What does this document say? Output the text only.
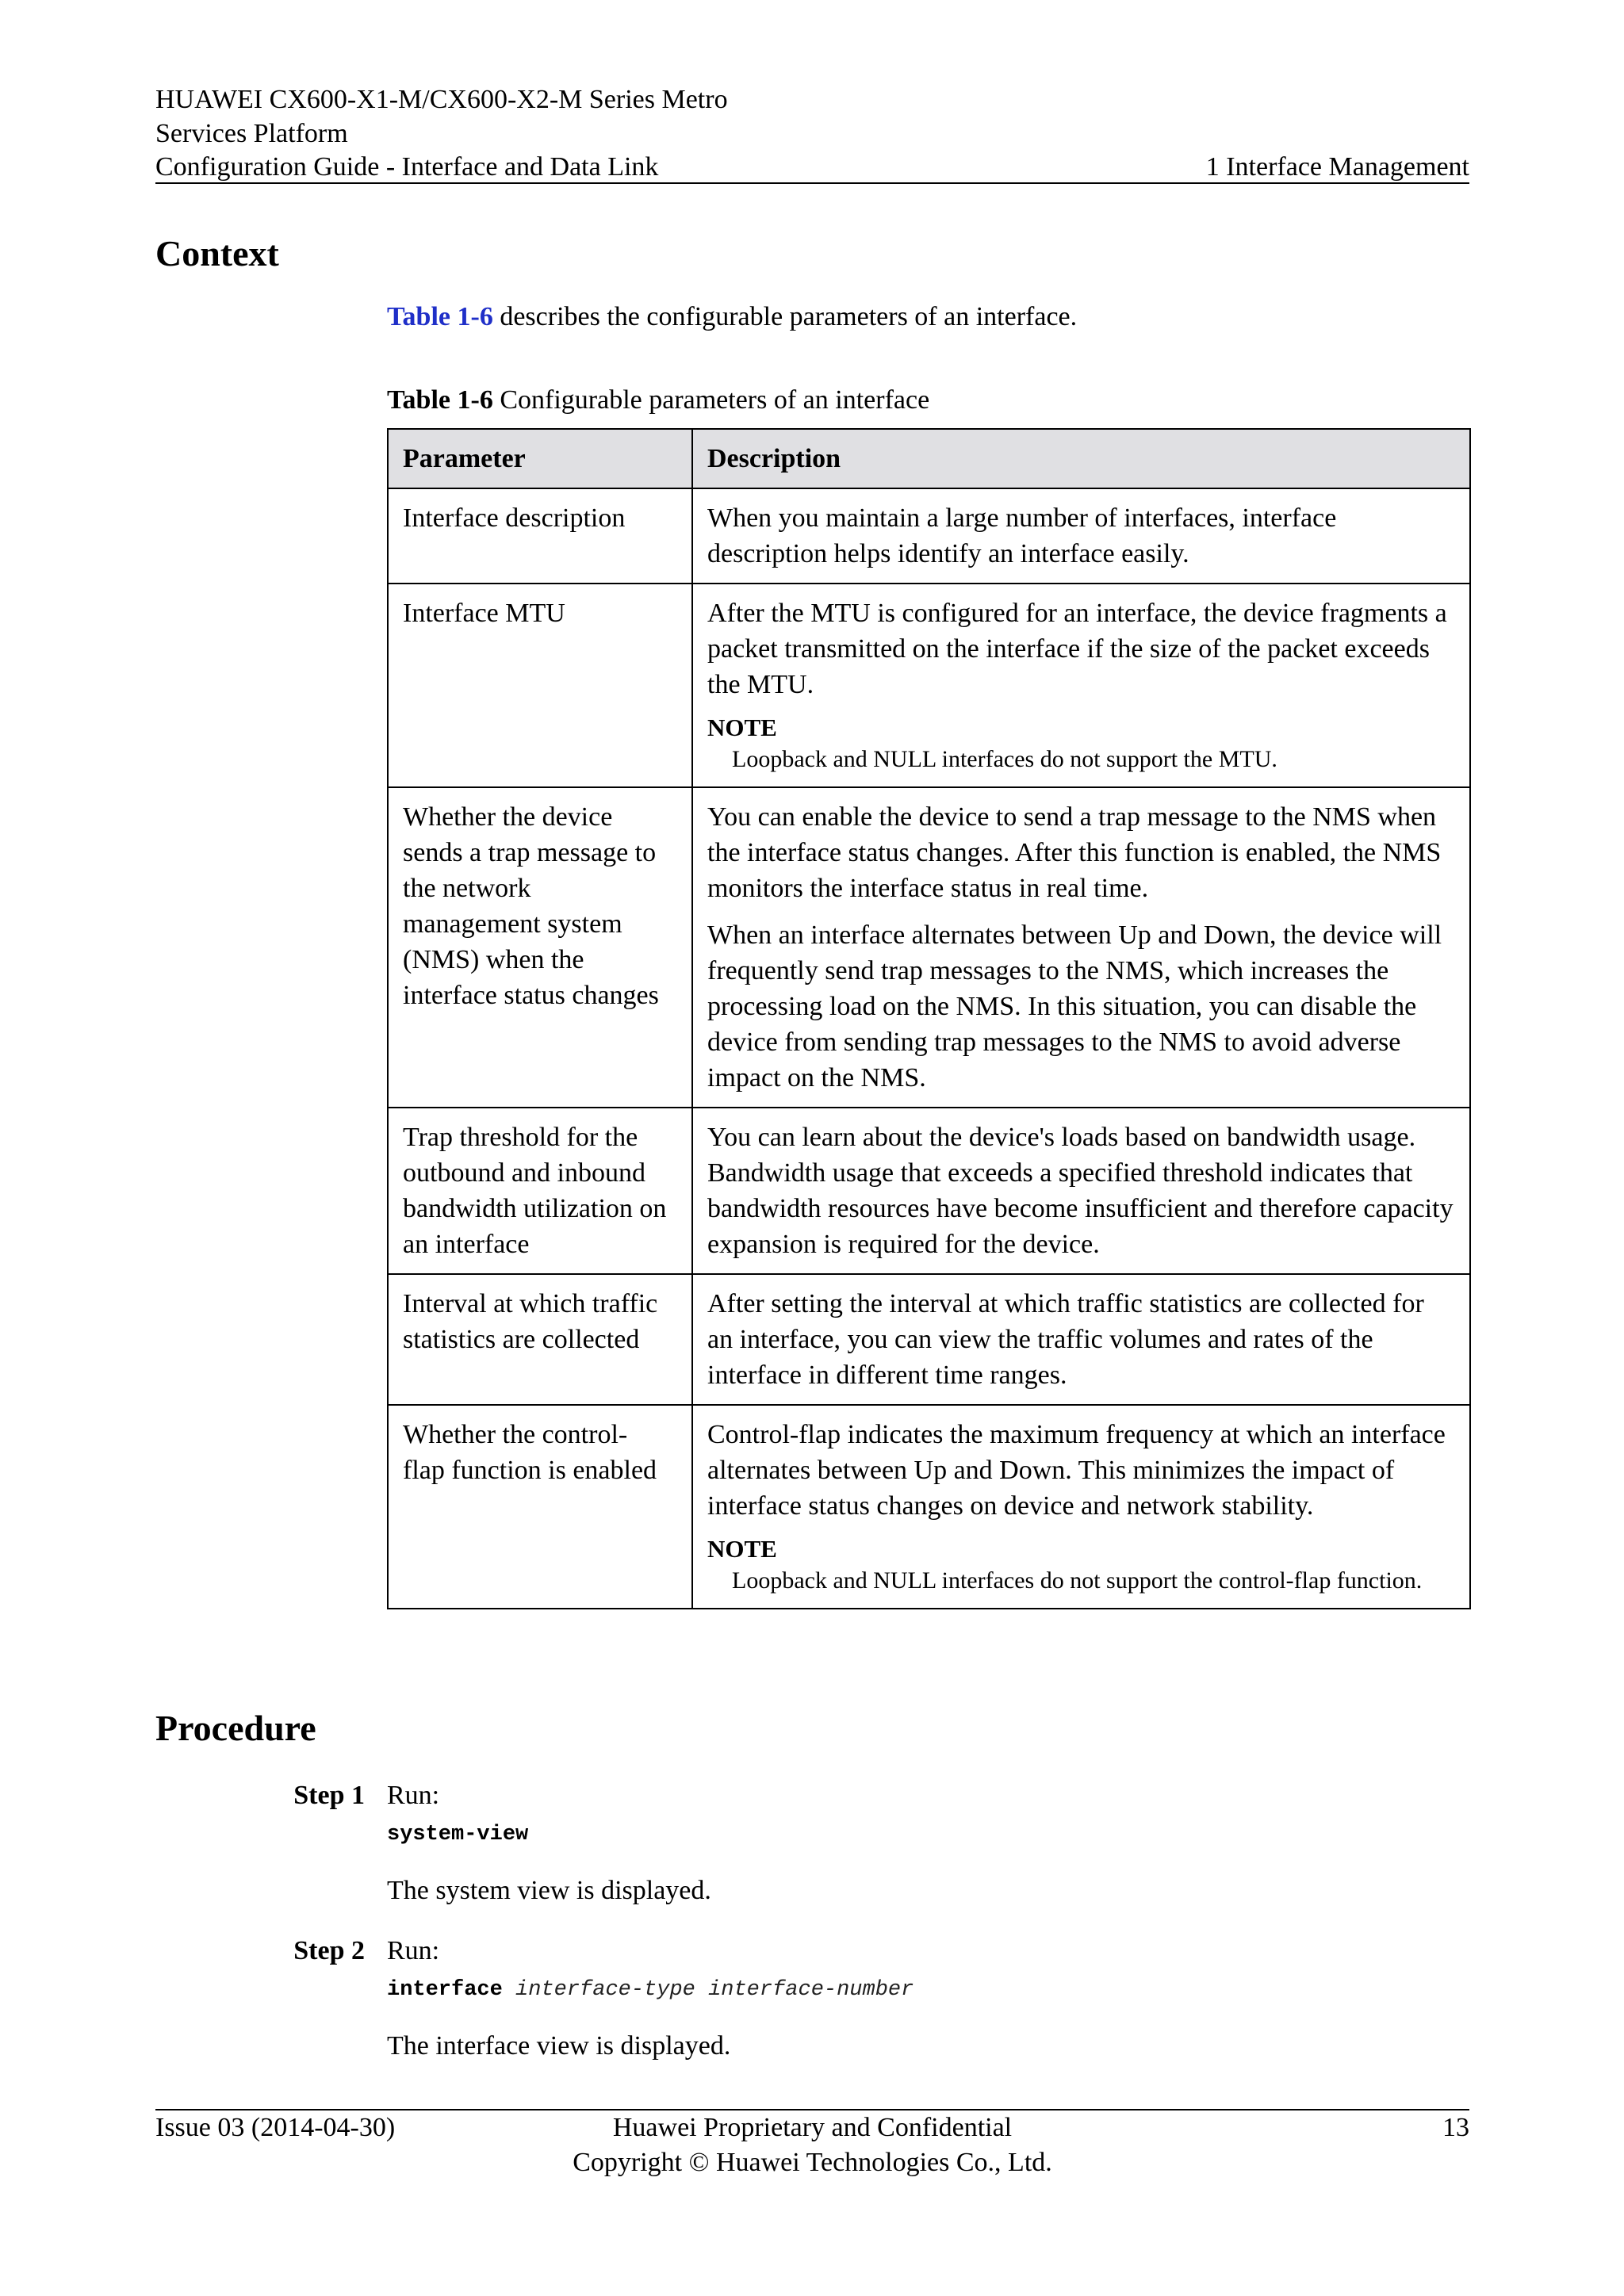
HUAWEI CX600-X1-M/CX600-X2-M Series Metro
Services Platform
Configuration Guide - Interface and Data Link	1 Interface Management
Context
Table 1-6 describes the configurable parameters of an interface.
Table 1-6 Configurable parameters of an interface
Parameter	Description

Interface description	When you maintain a large number of interfaces, interface description helps identify an interface easily.

Interface MTU	After the MTU is configured for an interface, the device fragments a packet transmitted on the interface if the size of the packet exceeds the MTU.
NOTE
Loopback and NULL interfaces do not support the MTU.

Whether the device sends a trap message to the network management system (NMS) when the interface status changes	You can enable the device to send a trap message to the NMS when the interface status changes. After this function is enabled, the NMS monitors the interface status in real time.
When an interface alternates between Up and Down, the device will frequently send trap messages to the NMS, which increases the processing load on the NMS. In this situation, you can disable the device from sending trap messages to the NMS to avoid adverse impact on the NMS.

Trap threshold for the outbound and inbound bandwidth utilization on an interface	You can learn about the device's loads based on bandwidth usage. Bandwidth usage that exceeds a specified threshold indicates that bandwidth resources have become insufficient and therefore capacity expansion is required for the device.

Interval at which traffic statistics are collected	After setting the interval at which traffic statistics are collected for an interface, you can view the traffic volumes and rates of the interface in different time ranges.

Whether the control-flap function is enabled	Control-flap indicates the maximum frequency at which an interface alternates between Up and Down. This minimizes the impact of interface status changes on device and network stability.
NOTE
Loopback and NULL interfaces do not support the control-flap function.
Procedure
Step 1 Run:
system-view
The system view is displayed.
Step 2 Run:
interface interface-type interface-number
The interface view is displayed.
Issue 03 (2014-04-30)	Huawei Proprietary and Confidential
Copyright © Huawei Technologies Co., Ltd.
13
